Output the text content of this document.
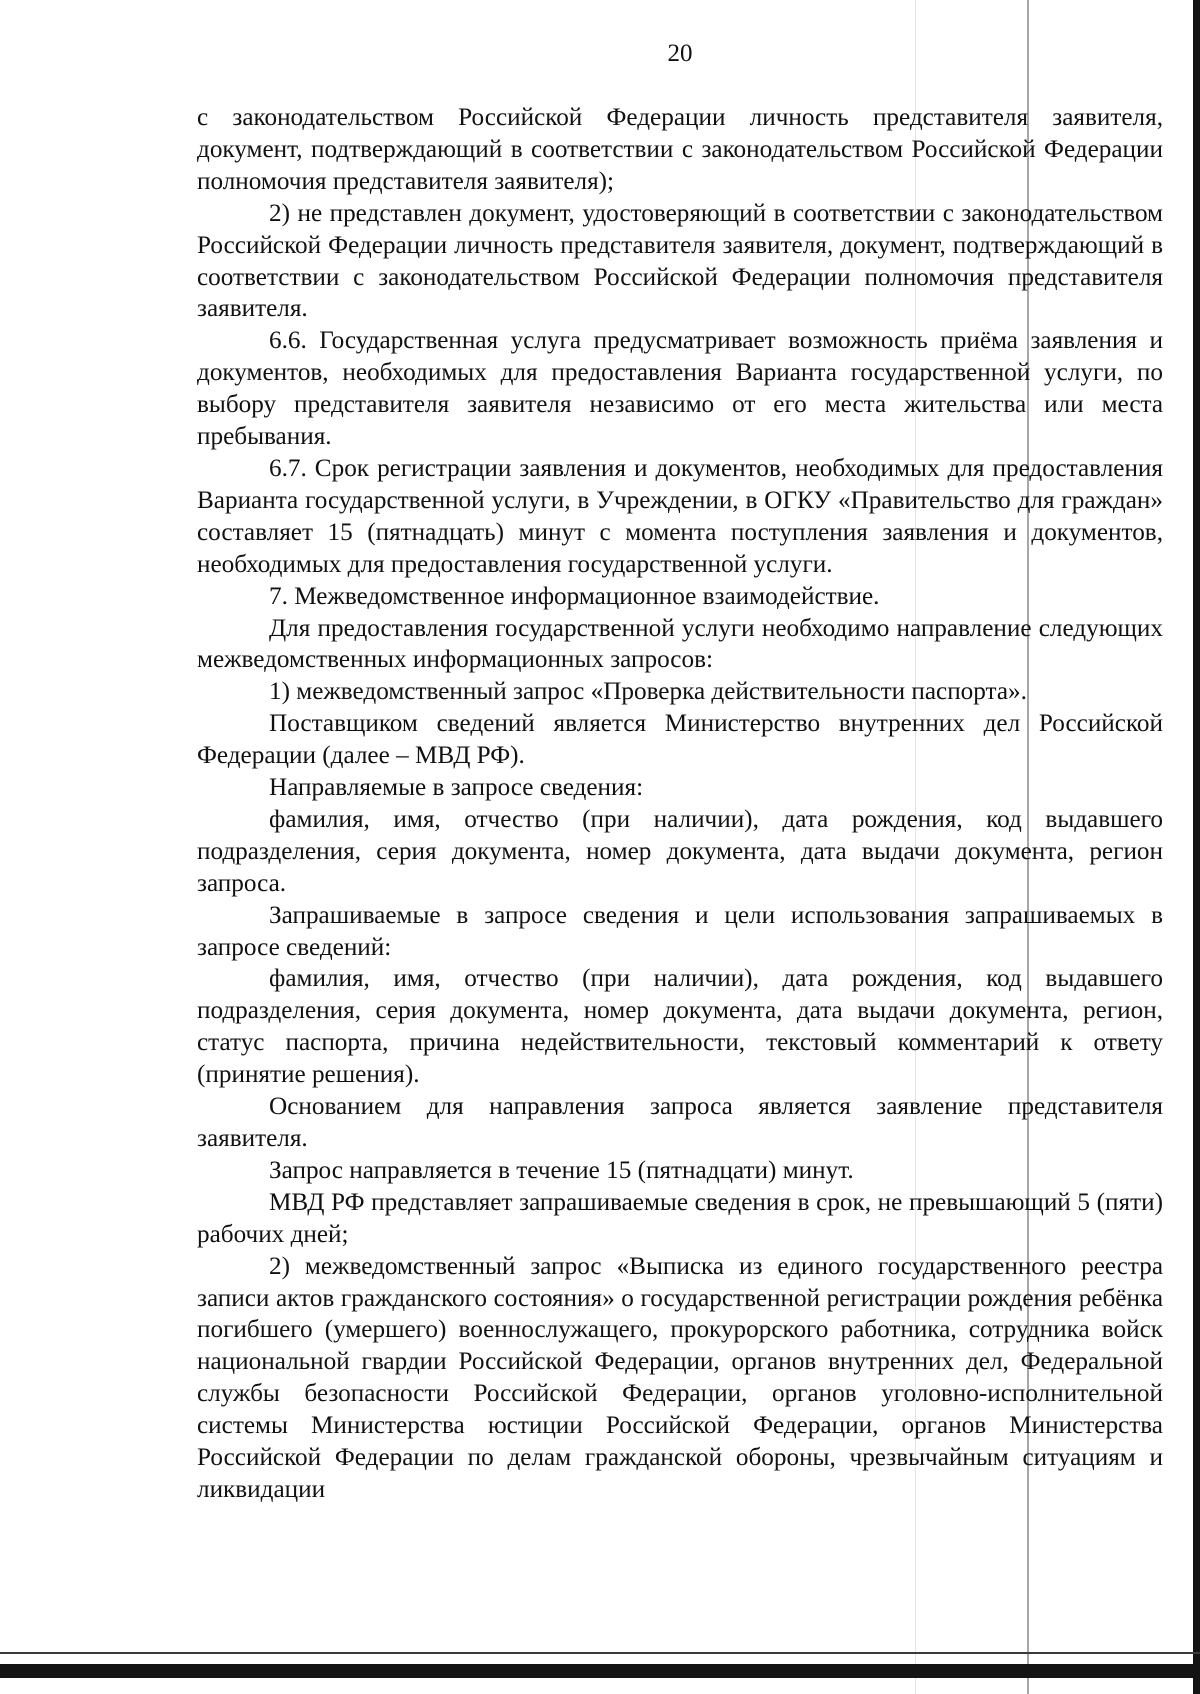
20

с законодательством Российской Федерации личность представителя заявителя, документ, подтверждающий в соответствии с законодательством Российской Федерации полномочия представителя заявителя);

2) не представлен документ, удостоверяющий в соответствии с законодательством Российской Федерации личность представителя заявителя, документ, подтверждающий в соответствии с законодательством Российской Федерации полномочия представителя заявителя.

6.6. Государственная услуга предусматривает возможность приёма заявления и документов, необходимых для предоставления Варианта государственной услуги, по выбору представителя заявителя независимо от его места жительства или места пребывания.

6.7. Срок регистрации заявления и документов, необходимых для предоставления Варианта государственной услуги, в Учреждении, в ОГКУ «Правительство для граждан» составляет 15 (пятнадцать) минут с момента поступления заявления и документов, необходимых для предоставления государственной услуги.

7. Межведомственное информационное взаимодействие.

Для предоставления государственной услуги необходимо направление следующих межведомственных информационных запросов:

1) межведомственный запрос «Проверка действительности паспорта».

Поставщиком сведений является Министерство внутренних дел Российской Федерации (далее – МВД РФ).

Направляемые в запросе сведения:

фамилия, имя, отчество (при наличии), дата рождения, код выдавшего подразделения, серия документа, номер документа, дата выдачи документа, регион запроса.

Запрашиваемые в запросе сведения и цели использования запрашиваемых в запросе сведений:

фамилия, имя, отчество (при наличии), дата рождения, код выдавшего подразделения, серия документа, номер документа, дата выдачи документа, регион, статус паспорта, причина недействительности, текстовый комментарий к ответу (принятие решения).

Основанием для направления запроса является заявление представителя заявителя.

Запрос направляется в течение 15 (пятнадцати) минут.

МВД РФ представляет запрашиваемые сведения в срок, не превышающий 5 (пяти) рабочих дней;

2) межведомственный запрос «Выписка из единого государственного реестра записи актов гражданского состояния» о государственной регистрации рождения ребёнка погибшего (умершего) военнослужащего, прокурорского работника, сотрудника войск национальной гвардии Российской Федерации, органов внутренних дел, Федеральной службы безопасности Российской Федерации, органов уголовно-исполнительной системы Министерства юстиции Российской Федерации, органов Министерства Российской Федерации по делам гражданской обороны, чрезвычайным ситуациям и ликвидации
